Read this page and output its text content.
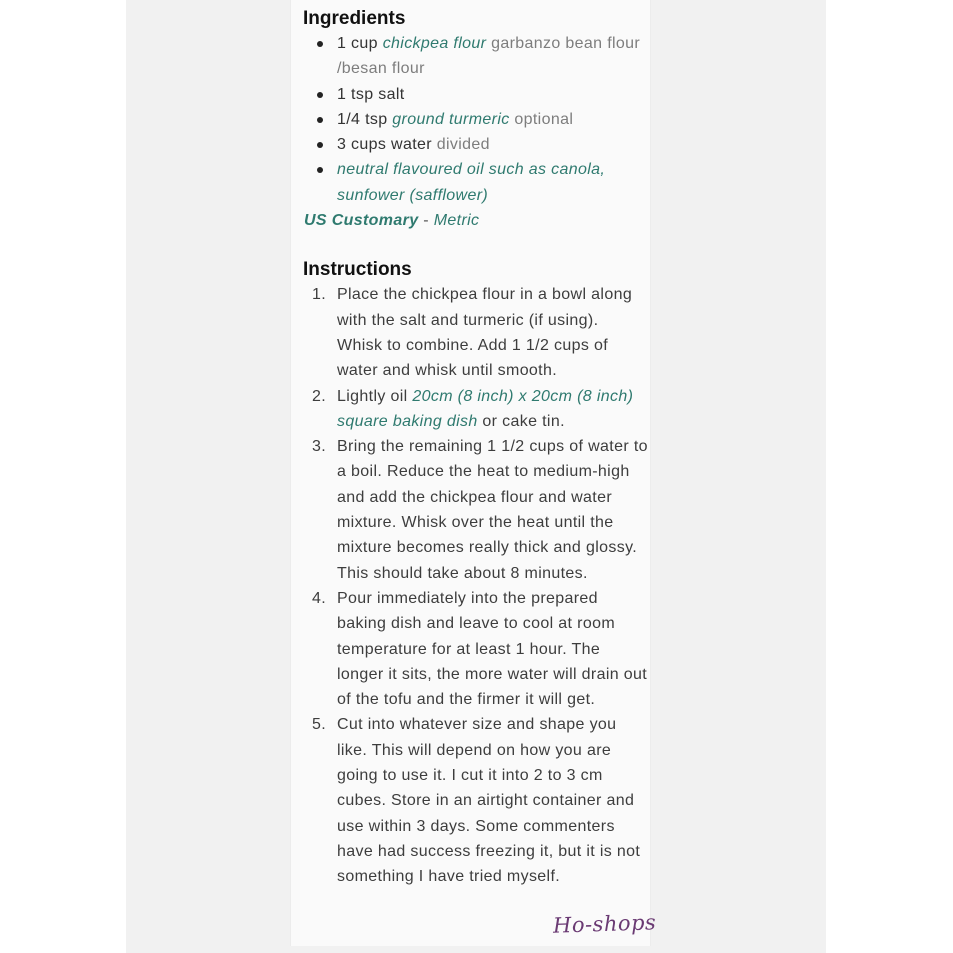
Ingredients
1 cup chickpea flour garbanzo bean flour /besan flour
1 tsp salt
1/4 tsp ground turmeric optional
3 cups water divided
neutral flavoured oil such as canola, sunfower (safflower)
US Customary - Metric
Instructions
1. Place the chickpea flour in a bowl along with the salt and turmeric (if using). Whisk to combine. Add 1 1/2 cups of water and whisk until smooth.
2. Lightly oil 20cm (8 inch) x 20cm (8 inch) square baking dish or cake tin.
3. Bring the remaining 1 1/2 cups of water to a boil. Reduce the heat to medium-high and add the chickpea flour and water mixture. Whisk over the heat until the mixture becomes really thick and glossy. This should take about 8 minutes.
4. Pour immediately into the prepared baking dish and leave to cool at room temperature for at least 1 hour. The longer it sits, the more water will drain out of the tofu and the firmer it will get.
5. Cut into whatever size and shape you like. This will depend on how you are going to use it. I cut it into 2 to 3 cm cubes. Store in an airtight container and use within 3 days. Some commenters have had success freezing it, but it is not something I have tried myself.
Ho-shops
